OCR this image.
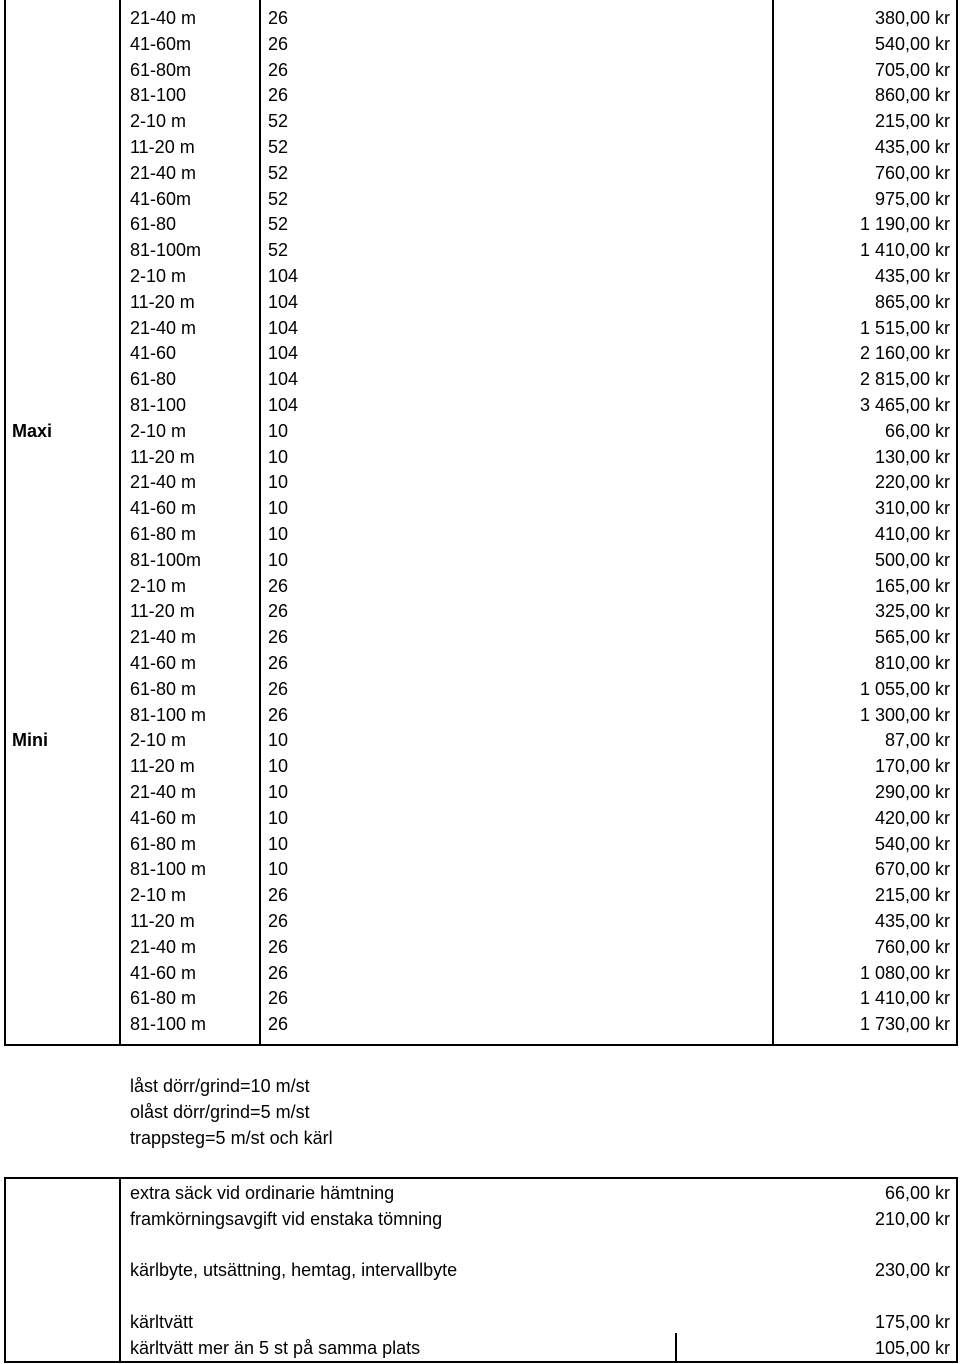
21-40 m	26	380,00 kr
41-60m	26	540,00 kr
61-80m	26	705,00 kr
81-100	26	860,00 kr
2-10 m	52	215,00 kr
11-20 m	52	435,00 kr
21-40 m	52	760,00 kr
41-60m	52	975,00 kr
61-80	52	1 190,00 kr
81-100m	52	1 410,00 kr
2-10 m	104	435,00 kr
11-20 m	104	865,00 kr
21-40 m	104	1 515,00 kr
41-60	104	2 160,00 kr
61-80	104	2 815,00 kr
81-100	104	3 465,00 kr
Maxi	2-10 m	10	66,00 kr
11-20 m	10	130,00 kr
21-40 m	10	220,00 kr
41-60 m	10	310,00 kr
61-80 m	10	410,00 kr
81-100m	10	500,00 kr
2-10 m	26	165,00 kr
11-20 m	26	325,00 kr
21-40 m	26	565,00 kr
41-60 m	26	810,00 kr
61-80 m	26	1 055,00 kr
81-100 m	26	1 300,00 kr
Mini	2-10 m	10	87,00 kr
11-20 m	10	170,00 kr
21-40 m	10	290,00 kr
41-60 m	10	420,00 kr
61-80 m	10	540,00 kr
81-100 m	10	670,00 kr
2-10 m	26	215,00 kr
11-20 m	26	435,00 kr
21-40 m	26	760,00 kr
41-60 m	26	1 080,00 kr
61-80 m	26	1 410,00 kr
81-100 m	26	1 730,00 kr
låst dörr/grind=10 m/st
olåst dörr/grind=5 m/st
trappsteg=5 m/st och kärl
extra säck vid ordinarie hämtning	66,00 kr
framkörningsavgift vid enstaka tömning	210,00 kr
kärlbyte, utsättning, hemtag, intervallbyte	230,00 kr
kärltvätt	175,00 kr
kärltvätt mer än 5 st på samma plats	105,00 kr
